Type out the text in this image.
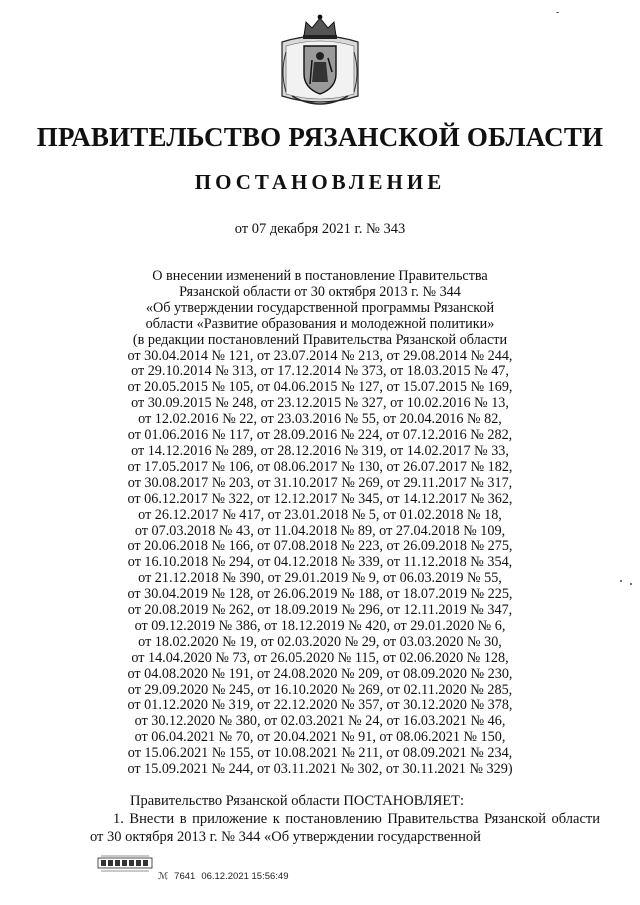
ПРАВИТЕЛЬСТВО РЯЗАНСКОЙ ОБЛАСТИ
ПОСТАНОВЛЕНИЕ
от 07 декабря 2021 г. № 343
О внесении изменений в постановление Правительства
Рязанской области от 30 октября 2013 г. № 344
«Об утверждении государственной программы Рязанской
области «Развитие образования и молодежной политики»
(в редакции постановлений Правительства Рязанской области
от 30.04.2014 № 121, от 23.07.2014 № 213, от 29.08.2014 № 244,
от 29.10.2014 № 313, от 17.12.2014 № 373, от 18.03.2015 № 47,
от 20.05.2015 № 105, от 04.06.2015 № 127, от 15.07.2015 № 169,
от 30.09.2015 № 248, от 23.12.2015 № 327, от 10.02.2016 № 13,
от 12.02.2016 № 22, от 23.03.2016 № 55, от 20.04.2016 № 82,
от 01.06.2016 № 117, от 28.09.2016 № 224, от 07.12.2016 № 282,
от 14.12.2016 № 289, от 28.12.2016 № 319, от 14.02.2017 № 33,
от 17.05.2017 № 106, от 08.06.2017 № 130, от 26.07.2017 № 182,
от 30.08.2017 № 203, от 31.10.2017 № 269, от 29.11.2017 № 317,
от 06.12.2017 № 322, от 12.12.2017 № 345, от 14.12.2017 № 362,
от 26.12.2017 № 417, от 23.01.2018 № 5, от 01.02.2018 № 18,
от 07.03.2018 № 43, от 11.04.2018 № 89, от 27.04.2018 № 109,
от 20.06.2018 № 166, от 07.08.2018 № 223, от 26.09.2018 № 275,
от 16.10.2018 № 294, от 04.12.2018 № 339, от 11.12.2018 № 354,
от 21.12.2018 № 390, от 29.01.2019 № 9, от 06.03.2019 № 55,
от 30.04.2019 № 128, от 26.06.2019 № 188, от 18.07.2019 № 225,
от 20.08.2019 № 262, от 18.09.2019 № 296, от 12.11.2019 № 347,
от 09.12.2019 № 386, от 18.12.2019 № 420, от 29.01.2020 № 6,
от 18.02.2020 № 19, от 02.03.2020 № 29, от 03.03.2020 № 30,
от 14.04.2020 № 73, от 26.05.2020 № 115, от 02.06.2020 № 128,
от 04.08.2020 № 191, от 24.08.2020 № 209, от 08.09.2020 № 230,
от 29.09.2020 № 245, от 16.10.2020 № 269, от 02.11.2020 № 285,
от 01.12.2020 № 319, от 22.12.2020 № 357, от 30.12.2020 № 378,
от 30.12.2020 № 380, от 02.03.2021 № 24, от 16.03.2021 № 46,
от 06.04.2021 № 70, от 20.04.2021 № 91, от 08.06.2021 № 150,
от 15.06.2021 № 155, от 10.08.2021 № 211, от 08.09.2021 № 234,
от 15.09.2021 № 244, от 03.11.2021 № 302, от 30.11.2021 № 329)
Правительство Рязанской области ПОСТАНОВЛЯЕТ:
1. Внести в приложение к постановлению Правительства Рязанской области от 30 октября 2013 г. № 344 «Об утверждении государственной
ℳ 7641 06.12.2021 15:56:49
